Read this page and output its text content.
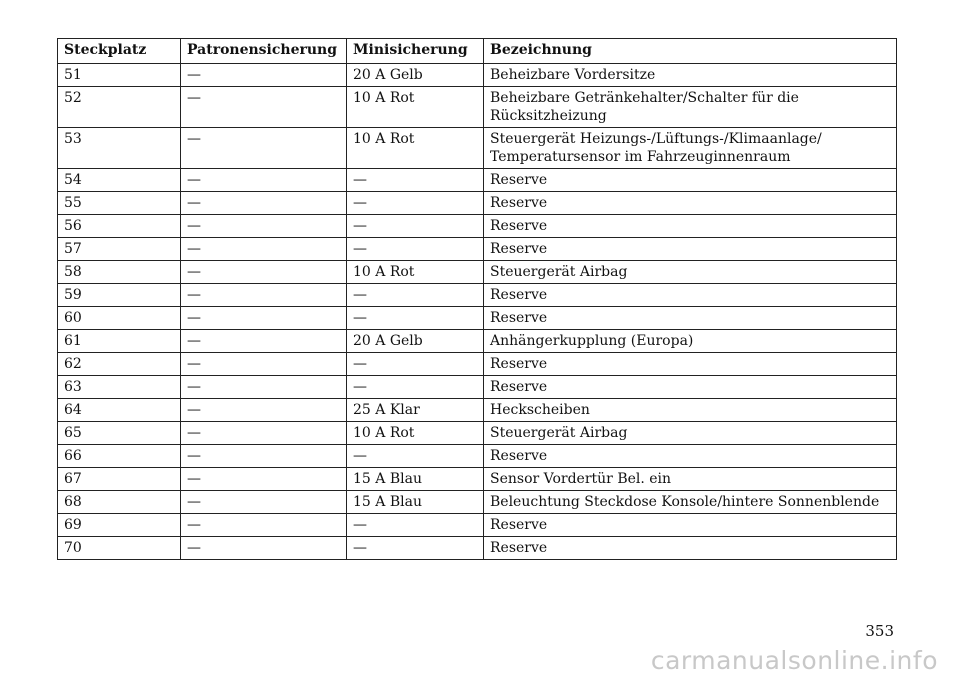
Steckplatz	Patronensicherung	Minisicherung	Bezeichnung
51	—	20 A Gelb	Beheizbare Vordersitze
52	—	10 A Rot	Beheizbare Getränkehalter/Schalter für die
Rücksitzheizung
53	—	10 A Rot	Steuergerät Heizungs-/Lüftungs-/Klimaanlage/
Temperatursensor im Fahrzeuginnenraum
54	—	—	Reserve
55	—	—	Reserve
56	—	—	Reserve
57	—	—	Reserve
58	—	10 A Rot	Steuergerät Airbag
59	—	—	Reserve
60	—	—	Reserve
61	—	20 A Gelb	Anhängerkupplung (Europa)
62	—	—	Reserve
63	—	—	Reserve
64	—	25 A Klar	Heckscheiben
65	—	10 A Rot	Steuergerät Airbag
66	—	—	Reserve
67	—	15 A Blau	Sensor Vordertür Bel. ein
68	—	15 A Blau	Beleuchtung Steckdose Konsole/hintere Sonnenblende
69	—	—	Reserve
70	—	—	Reserve
353
carmanualsonline.info
